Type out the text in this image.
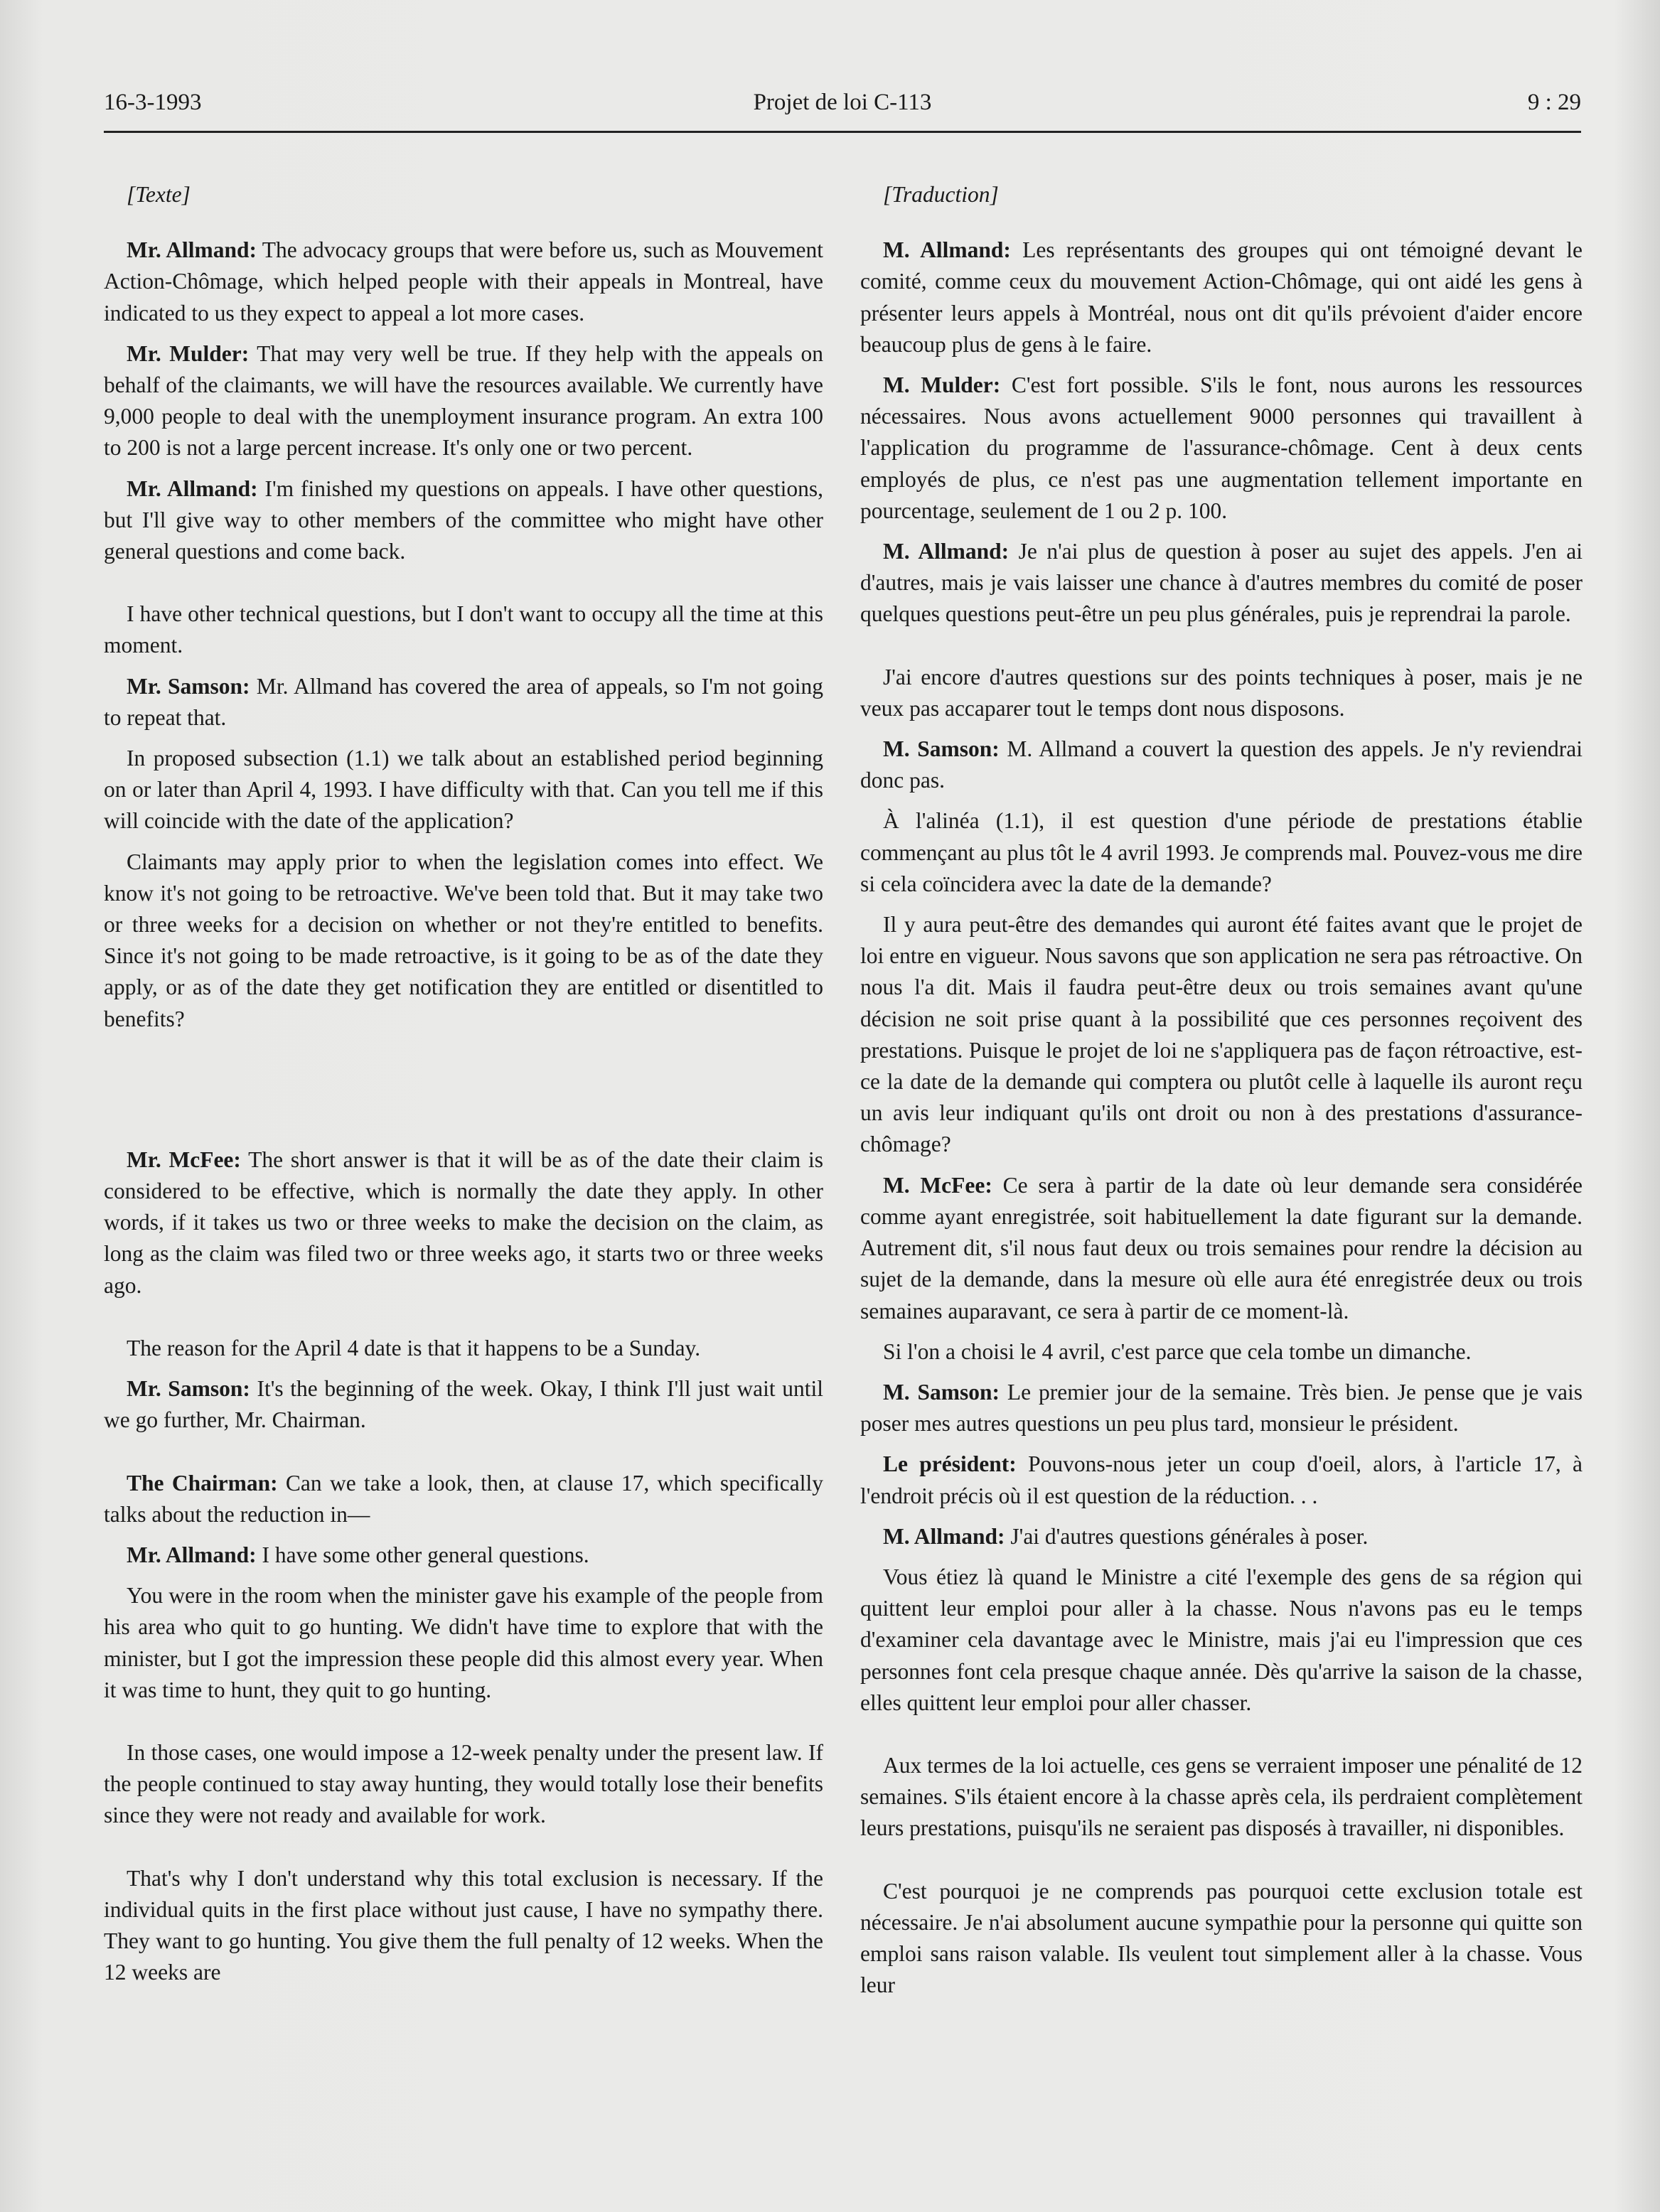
16-3-1993	Projet de loi C-113	9 : 29
[Texte]

Mr. Allmand: The advocacy groups that were before us, such as Mouvement Action-Chômage, which helped people with their appeals in Montreal, have indicated to us they expect to appeal a lot more cases.

Mr. Mulder: That may very well be true. If they help with the appeals on behalf of the claimants, we will have the resources available. We currently have 9,000 people to deal with the unemployment insurance program. An extra 100 to 200 is not a large percent increase. It's only one or two percent.

Mr. Allmand: I'm finished my questions on appeals. I have other questions, but I'll give way to other members of the committee who might have other general questions and come back.

I have other technical questions, but I don't want to occupy all the time at this moment.

Mr. Samson: Mr. Allmand has covered the area of appeals, so I'm not going to repeat that.

In proposed subsection (1.1) we talk about an established period beginning on or later than April 4, 1993. I have difficulty with that. Can you tell me if this will coincide with the date of the application?

Claimants may apply prior to when the legislation comes into effect. We know it's not going to be retroactive. We've been told that. But it may take two or three weeks for a decision on whether or not they're entitled to benefits. Since it's not going to be made retroactive, is it going to be as of the date they apply, or as of the date they get notification they are entitled or disentitled to benefits?

Mr. McFee: The short answer is that it will be as of the date their claim is considered to be effective, which is normally the date they apply. In other words, if it takes us two or three weeks to make the decision on the claim, as long as the claim was filed two or three weeks ago, it starts two or three weeks ago.

The reason for the April 4 date is that it happens to be a Sunday.

Mr. Samson: It's the beginning of the week. Okay, I think I'll just wait until we go further, Mr. Chairman.

The Chairman: Can we take a look, then, at clause 17, which specifically talks about the reduction in—

Mr. Allmand: I have some other general questions.

You were in the room when the minister gave his example of the people from his area who quit to go hunting. We didn't have time to explore that with the minister, but I got the impression these people did this almost every year. When it was time to hunt, they quit to go hunting.

In those cases, one would impose a 12-week penalty under the present law. If the people continued to stay away hunting, they would totally lose their benefits since they were not ready and available for work.

That's why I don't understand why this total exclusion is necessary. If the individual quits in the first place without just cause, I have no sympathy there. They want to go hunting. You give them the full penalty of 12 weeks. When the 12 weeks are

[Traduction]

M. Allmand: Les représentants des groupes qui ont témoigné devant le comité, comme ceux du mouvement Action-Chômage, qui ont aidé les gens à présenter leurs appels à Montréal, nous ont dit qu'ils prévoient d'aider encore beaucoup plus de gens à le faire.

M. Mulder: C'est fort possible. S'ils le font, nous aurons les ressources nécessaires. Nous avons actuellement 9000 personnes qui travaillent à l'application du programme de l'assurance-chômage. Cent à deux cents employés de plus, ce n'est pas une augmentation tellement importante en pourcentage, seulement de 1 ou 2 p. 100.

M. Allmand: Je n'ai plus de question à poser au sujet des appels. J'en ai d'autres, mais je vais laisser une chance à d'autres membres du comité de poser quelques questions peut-être un peu plus générales, puis je reprendrai la parole.

J'ai encore d'autres questions sur des points techniques à poser, mais je ne veux pas accaparer tout le temps dont nous disposons.

M. Samson: M. Allmand a couvert la question des appels. Je n'y reviendrai donc pas.

À l'alinéa (1.1), il est question d'une période de prestations établie commençant au plus tôt le 4 avril 1993. Je comprends mal. Pouvez-vous me dire si cela coïncidera avec la date de la demande?

Il y aura peut-être des demandes qui auront été faites avant que le projet de loi entre en vigueur. Nous savons que son application ne sera pas rétroactive. On nous l'a dit. Mais il faudra peut-être deux ou trois semaines avant qu'une décision ne soit prise quant à la possibilité que ces personnes reçoivent des prestations. Puisque le projet de loi ne s'appliquera pas de façon rétroactive, est-ce la date de la demande qui comptera ou plutôt celle à laquelle ils auront reçu un avis leur indiquant qu'ils ont droit ou non à des prestations d'assurance-chômage?

M. McFee: Ce sera à partir de la date où leur demande sera considérée comme ayant enregistrée, soit habituellement la date figurant sur la demande. Autrement dit, s'il nous faut deux ou trois semaines pour rendre la décision au sujet de la demande, dans la mesure où elle aura été enregistrée deux ou trois semaines auparavant, ce sera à partir de ce moment-là.

Si l'on a choisi le 4 avril, c'est parce que cela tombe un dimanche.

M. Samson: Le premier jour de la semaine. Très bien. Je pense que je vais poser mes autres questions un peu plus tard, monsieur le président.

Le président: Pouvons-nous jeter un coup d'oeil, alors, à l'article 17, à l'endroit précis où il est question de la réduction. . .

M. Allmand: J'ai d'autres questions générales à poser.

Vous étiez là quand le Ministre a cité l'exemple des gens de sa région qui quittent leur emploi pour aller à la chasse. Nous n'avons pas eu le temps d'examiner cela davantage avec le Ministre, mais j'ai eu l'impression que ces personnes font cela presque chaque année. Dès qu'arrive la saison de la chasse, elles quittent leur emploi pour aller chasser.

Aux termes de la loi actuelle, ces gens se verraient imposer une pénalité de 12 semaines. S'ils étaient encore à la chasse après cela, ils perdraient complètement leurs prestations, puisqu'ils ne seraient pas disposés à travailler, ni disponibles.

C'est pourquoi je ne comprends pas pourquoi cette exclusion totale est nécessaire. Je n'ai absolument aucune sympathie pour la personne qui quitte son emploi sans raison valable. Ils veulent tout simplement aller à la chasse. Vous leur
